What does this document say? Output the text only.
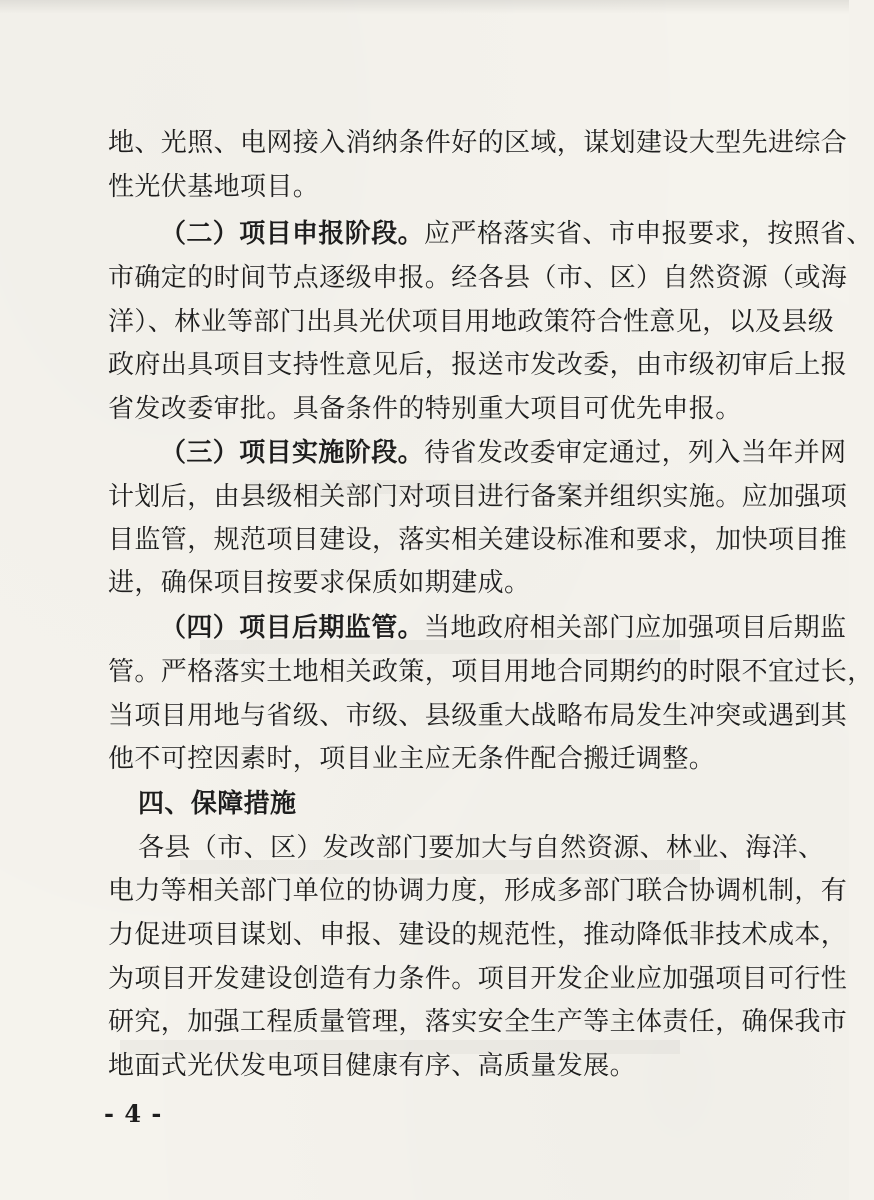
地、光照、电网接入消纳条件好的区域，谋划建设大型先进综合
性光伏基地项目。
（二）项目申报阶段。应严格落实省、市申报要求，按照省、
市确定的时间节点逐级申报。经各县（市、区）自然资源（或海
洋）、林业等部门出具光伏项目用地政策符合性意见，以及县级
政府出具项目支持性意见后，报送市发改委，由市级初审后上报
省发改委审批。具备条件的特别重大项目可优先申报。
（三）项目实施阶段。待省发改委审定通过，列入当年并网
计划后，由县级相关部门对项目进行备案并组织实施。应加强项
目监管，规范项目建设，落实相关建设标准和要求，加快项目推
进，确保项目按要求保质如期建成。
（四）项目后期监管。当地政府相关部门应加强项目后期监
管。严格落实土地相关政策，项目用地合同期约的时限不宜过长，
当项目用地与省级、市级、县级重大战略布局发生冲突或遇到其
他不可控因素时，项目业主应无条件配合搬迁调整。
四、保障措施
各县（市、区）发改部门要加大与自然资源、林业、海洋、
电力等相关部门单位的协调力度，形成多部门联合协调机制，有
力促进项目谋划、申报、建设的规范性，推动降低非技术成本，
为项目开发建设创造有力条件。项目开发企业应加强项目可行性
研究，加强工程质量管理，落实安全生产等主体责任，确保我市
地面式光伏发电项目健康有序、高质量发展。
- 4 -
